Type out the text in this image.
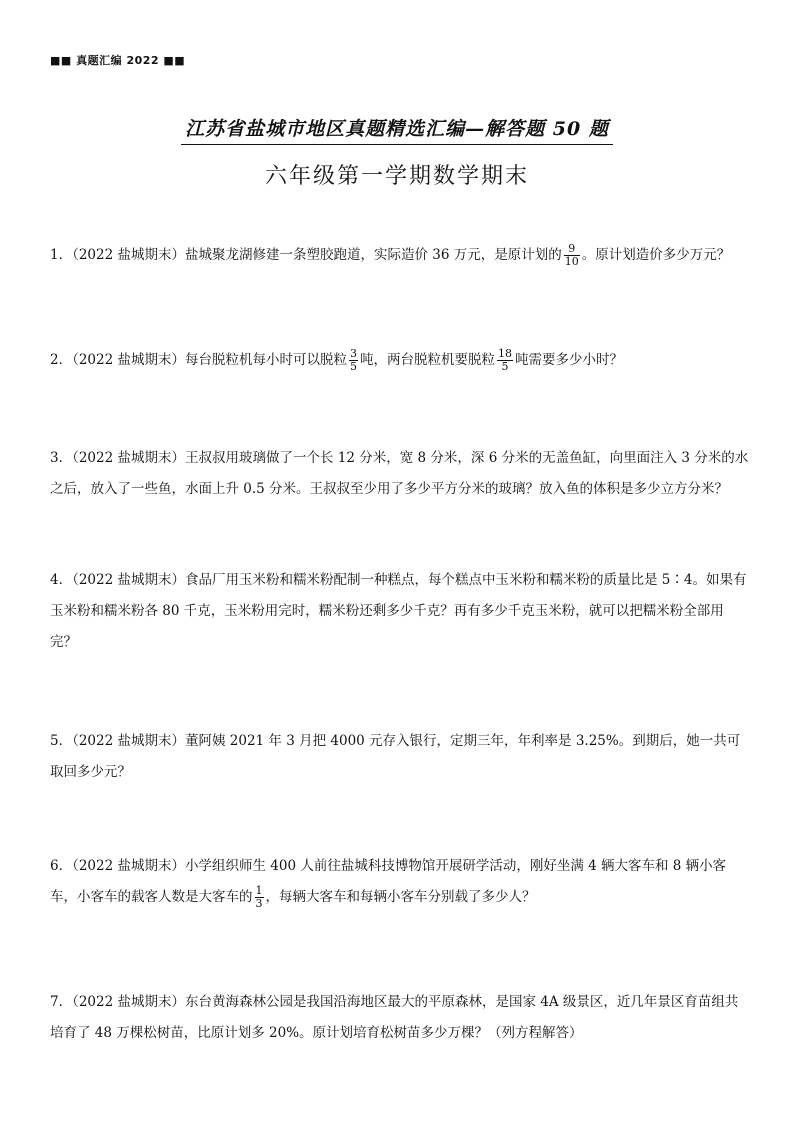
■■ 真题汇编 2022 ■■
江苏省盐城市地区真题精选汇编—解答题 50 题
六年级第一学期数学期末
1．（2022 盐城期末）盐城聚龙湖修建一条塑胶跑道，实际造价 36 万元，是原计划的 $\frac{9}{10}$ 。原计划造价多少万元？
2．（2022 盐城期末）每台脱粒机每小时可以脱粒 $\frac{3}{5}$ 吨，两台脱粒机要脱粒 $\frac{18}{5}$ 吨需要多少小时？
3．（2022 盐城期末）王叔叔用玻璃做了一个长 12 分米，宽 8 分米，深 6 分米的无盖鱼缸，向里面注入 3 分米的水之后，放入了一些鱼，水面上升 0.5 分米。王叔叔至少用了多少平方分米的玻璃？放入鱼的体积是多少立方分米？
4．（2022 盐城期末）食品厂用玉米粉和糯米粉配制一种糕点，每个糕点中玉米粉和糯米粉的质量比是 5∶4。如果有玉米粉和糯米粉各 80 千克，玉米粉用完时，糯米粉还剩多少千克？再有多少千克玉米粉，就可以把糯米粉全部用完？
5．（2022 盐城期末）董阿姨 2021 年 3 月把 4000 元存入银行，定期三年，年利率是 3.25%。到期后，她一共可取回多少元？
6．（2022 盐城期末）小学组织师生 400 人前往盐城科技博物馆开展研学活动，刚好坐满 4 辆大客车和 8 辆小客车，小客车的载客人数是大客车的 $\frac{1}{3}$ ，每辆大客车和每辆小客车分别载了多少人？
7．（2022 盐城期末）东台黄海森林公园是我国沿海地区最大的平原森林，是国家 4A 级景区，近几年景区育苗组共培育了 48 万棵松树苗，比原计划多 20%。原计划培育松树苗多少万棵？（列方程解答）
